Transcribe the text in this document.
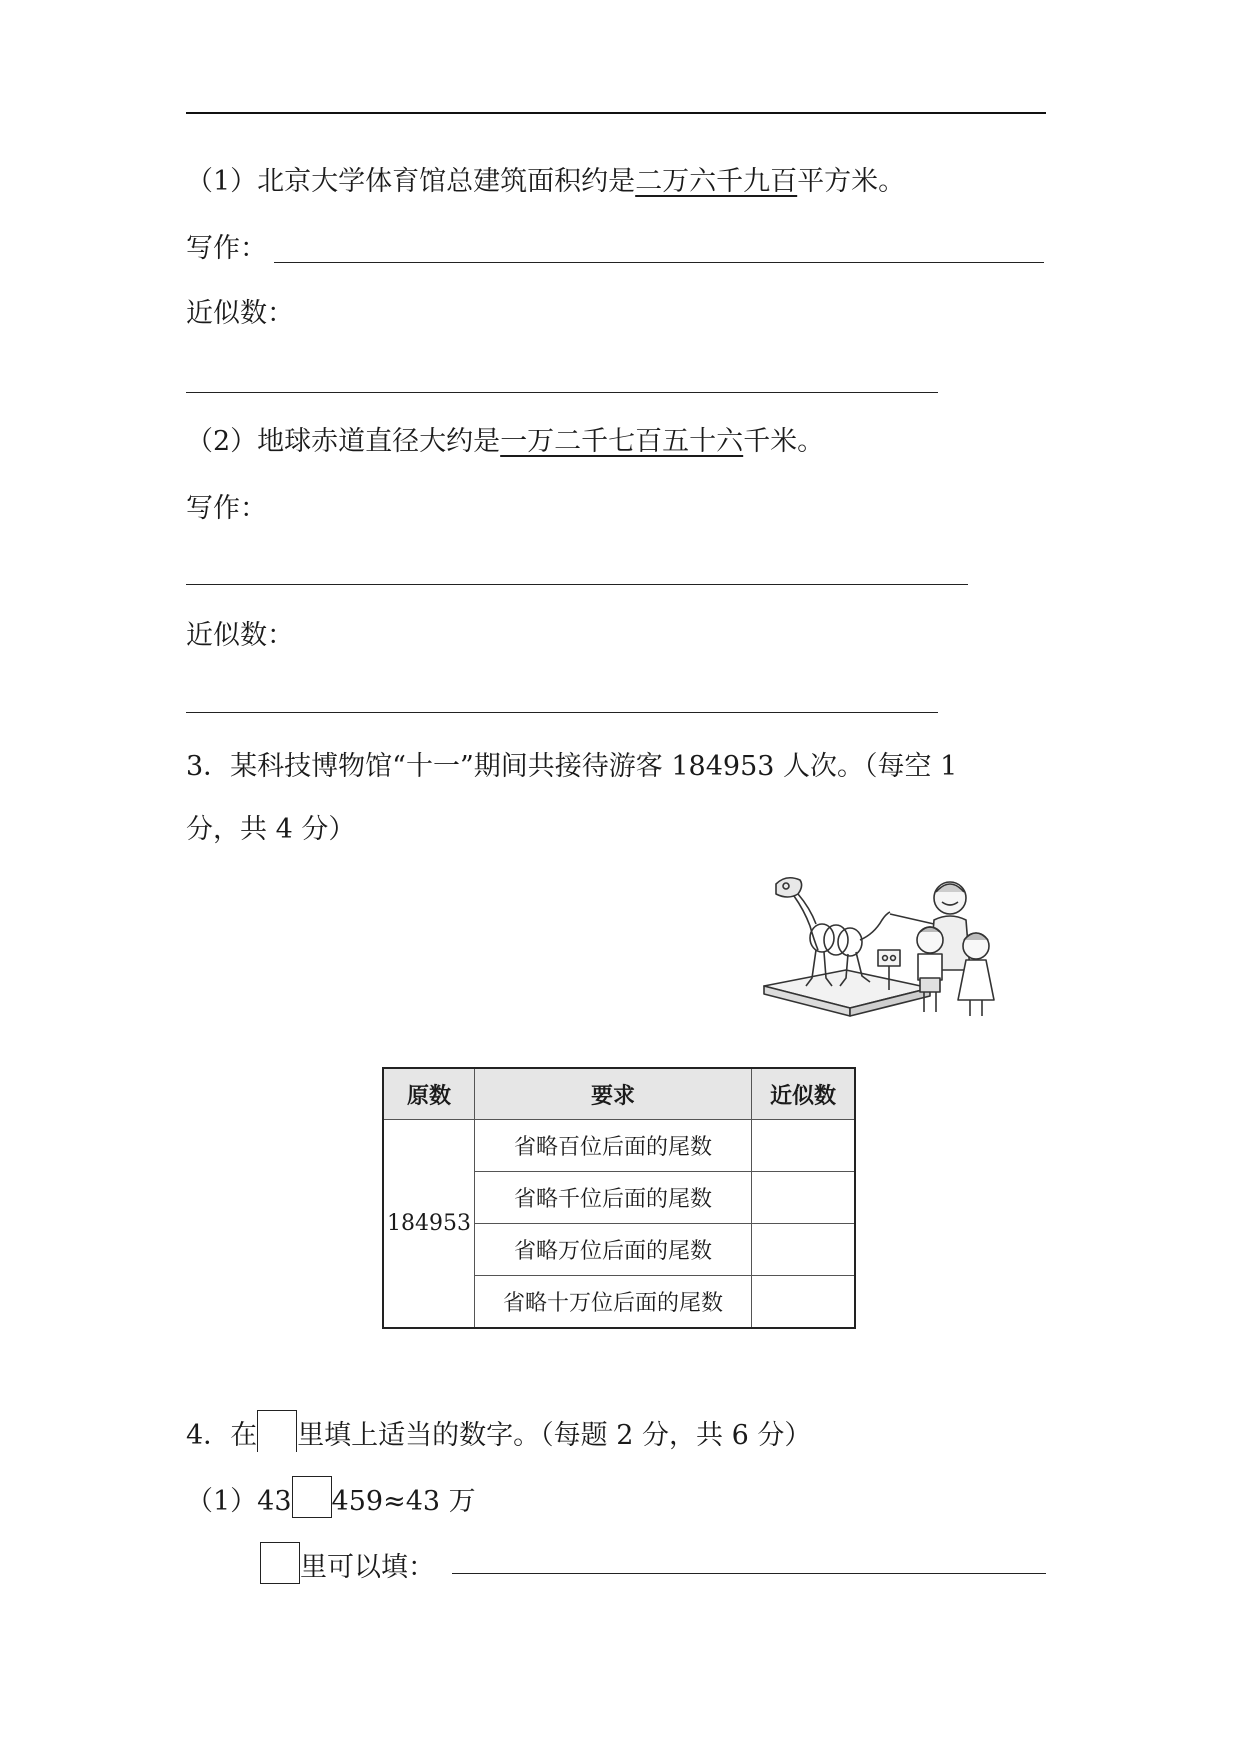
（1）北京大学体育馆总建筑面积约是二万六千九百平方米。
写作：
近似数：
（2）地球赤道直径大约是一万二千七百五十六千米。
写作：
近似数：
3．某科技博物馆“十一”期间共接待游客 184953 人次。（每空 1
分，共 4 分）
原数	要求	近似数
184953	省略百位后面的尾数	
	省略千位后面的尾数	
	省略万位后面的尾数	
	省略十万位后面的尾数	
4．在 里填上适当的数字。（每题 2 分，共 6 分）
（1）43 459≈43 万
里可以填：
